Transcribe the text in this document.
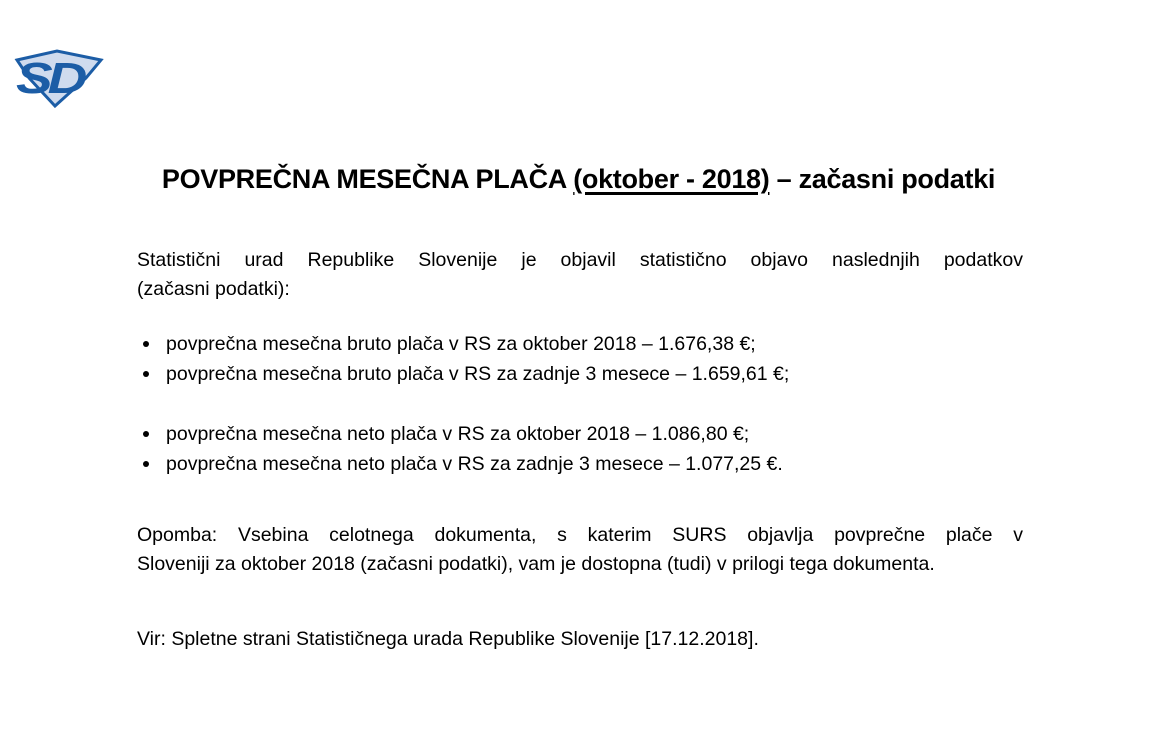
SD
POVPREČNA MESEČNA PLAČA (oktober - 2018) – začasni podatki
Statistični urad Republike Slovenije je objavil statistično objavo naslednjih podatkov
(začasni podatki):
povprečna mesečna bruto plača v RS za oktober 2018 – 1.676,38 €;
povprečna mesečna bruto plača v RS za zadnje 3 mesece – 1.659,61 €;
povprečna mesečna neto plača v RS za oktober 2018 – 1.086,80 €;
povprečna mesečna neto plača v RS za zadnje 3 mesece – 1.077,25 €.
Opomba: Vsebina celotnega dokumenta, s katerim SURS objavlja povprečne plače v
Sloveniji za oktober 2018 (začasni podatki), vam je dostopna (tudi) v prilogi tega dokumenta.
Vir: Spletne strani Statističnega urada Republike Slovenije [17.12.2018].
